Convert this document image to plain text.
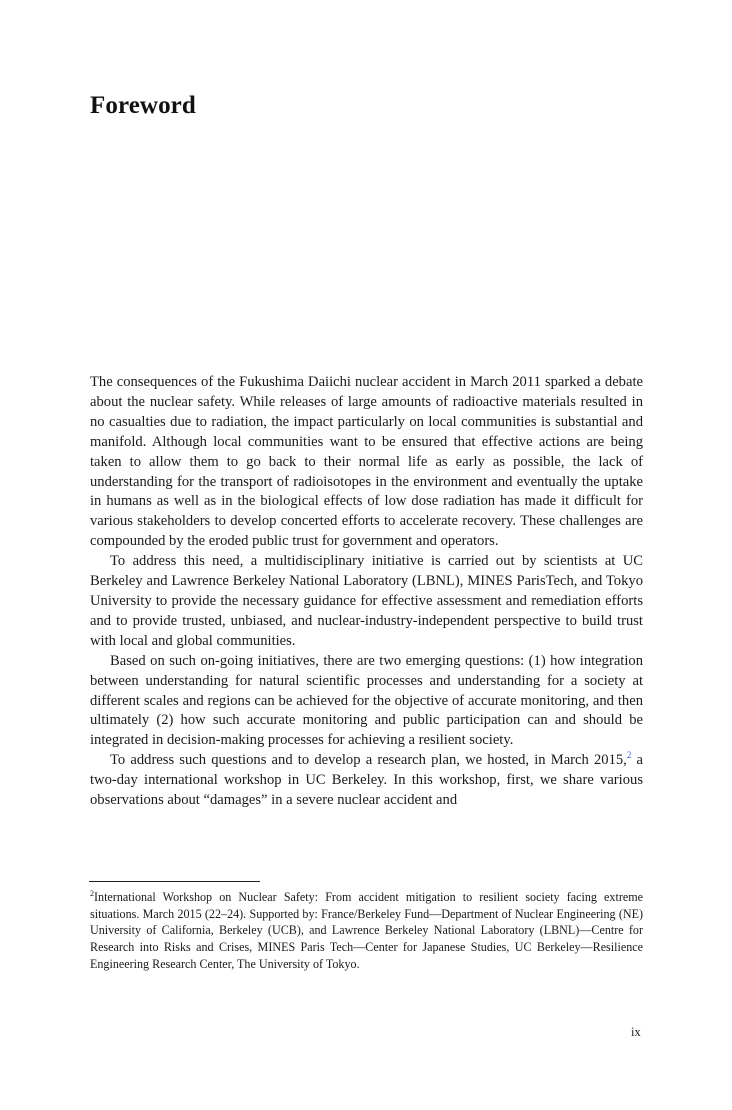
Foreword

The consequences of the Fukushima Daiichi nuclear accident in March 2011 sparked a debate about the nuclear safety. While releases of large amounts of radioactive materials resulted in no casualties due to radiation, the impact particularly on local communities is substantial and manifold. Although local communities want to be ensured that effective actions are being taken to allow them to go back to their normal life as early as possible, the lack of understanding for the transport of radioisotopes in the environment and eventually the uptake in humans as well as in the biological effects of low dose radiation has made it difficult for various stakeholders to develop concerted efforts to accelerate recovery. These challenges are compounded by the eroded public trust for government and operators.

To address this need, a multidisciplinary initiative is carried out by scientists at UC Berkeley and Lawrence Berkeley National Laboratory (LBNL), MINES ParisTech, and Tokyo University to provide the necessary guidance for effective assessment and remediation efforts and to provide trusted, unbiased, and nuclear-industry-independent perspective to build trust with local and global communities.

Based on such on-going initiatives, there are two emerging questions: (1) how integration between understanding for natural scientific processes and understanding for a society at different scales and regions can be achieved for the objective of accurate monitoring, and then ultimately (2) how such accurate monitoring and public participation can and should be integrated in decision-making processes for achieving a resilient society.

To address such questions and to develop a research plan, we hosted, in March 2015,$^2$ a two-day international workshop in UC Berkeley. In this workshop, first, we share various observations about “damages” in a severe nuclear accident and

$^2$International Workshop on Nuclear Safety: From accident mitigation to resilient society facing extreme situations. March 2015 (22–24). Supported by: France/Berkeley Fund—Department of Nuclear Engineering (NE) University of California, Berkeley (UCB), and Lawrence Berkeley National Laboratory (LBNL)—Centre for Research into Risks and Crises, MINES Paris Tech—Center for Japanese Studies, UC Berkeley—Resilience Engineering Research Center, The University of Tokyo.

ix
